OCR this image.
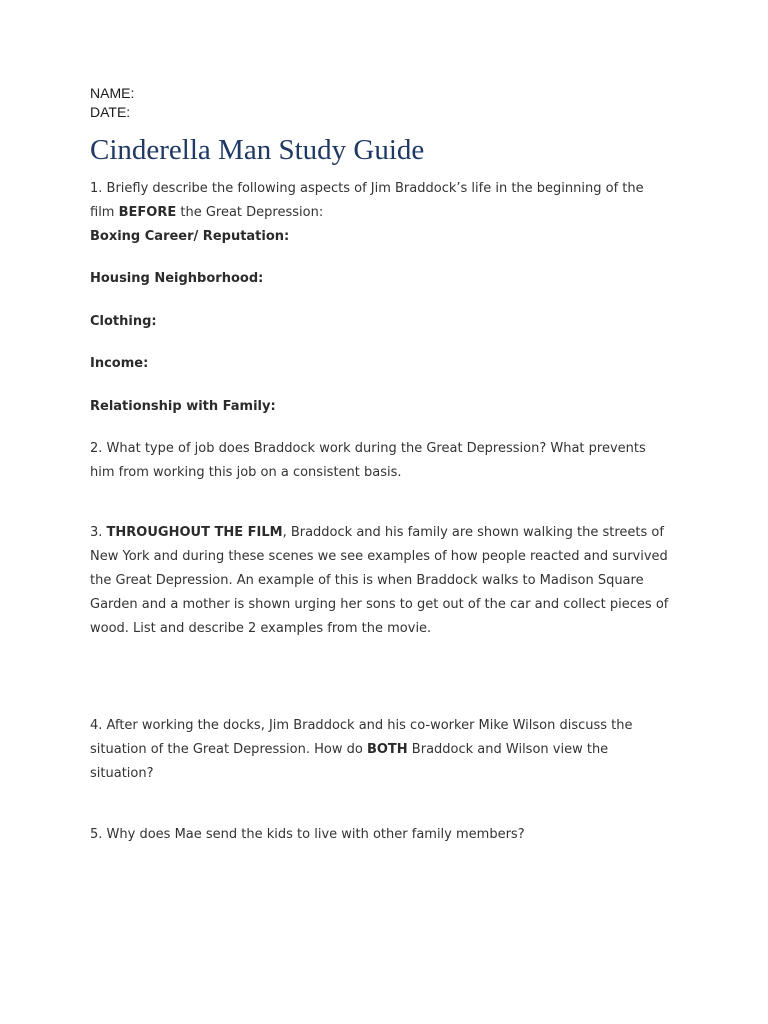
NAME:
DATE:
Cinderella Man Study Guide
1. Briefly describe the following aspects of Jim Braddock’s life in the beginning of the film BEFORE the Great Depression:
Boxing Career/ Reputation:
Housing Neighborhood:
Clothing:
Income:
Relationship with Family:
2. What type of job does Braddock work during the Great Depression? What prevents him from working this job on a consistent basis.
3. THROUGHOUT THE FILM, Braddock and his family are shown walking the streets of New York and during these scenes we see examples of how people reacted and survived the Great Depression. An example of this is when Braddock walks to Madison Square Garden and a mother is shown urging her sons to get out of the car and collect pieces of wood. List and describe 2 examples from the movie.
4. After working the docks, Jim Braddock and his co-worker Mike Wilson discuss the situation of the Great Depression. How do BOTH Braddock and Wilson view the situation?
5. Why does Mae send the kids to live with other family members?
